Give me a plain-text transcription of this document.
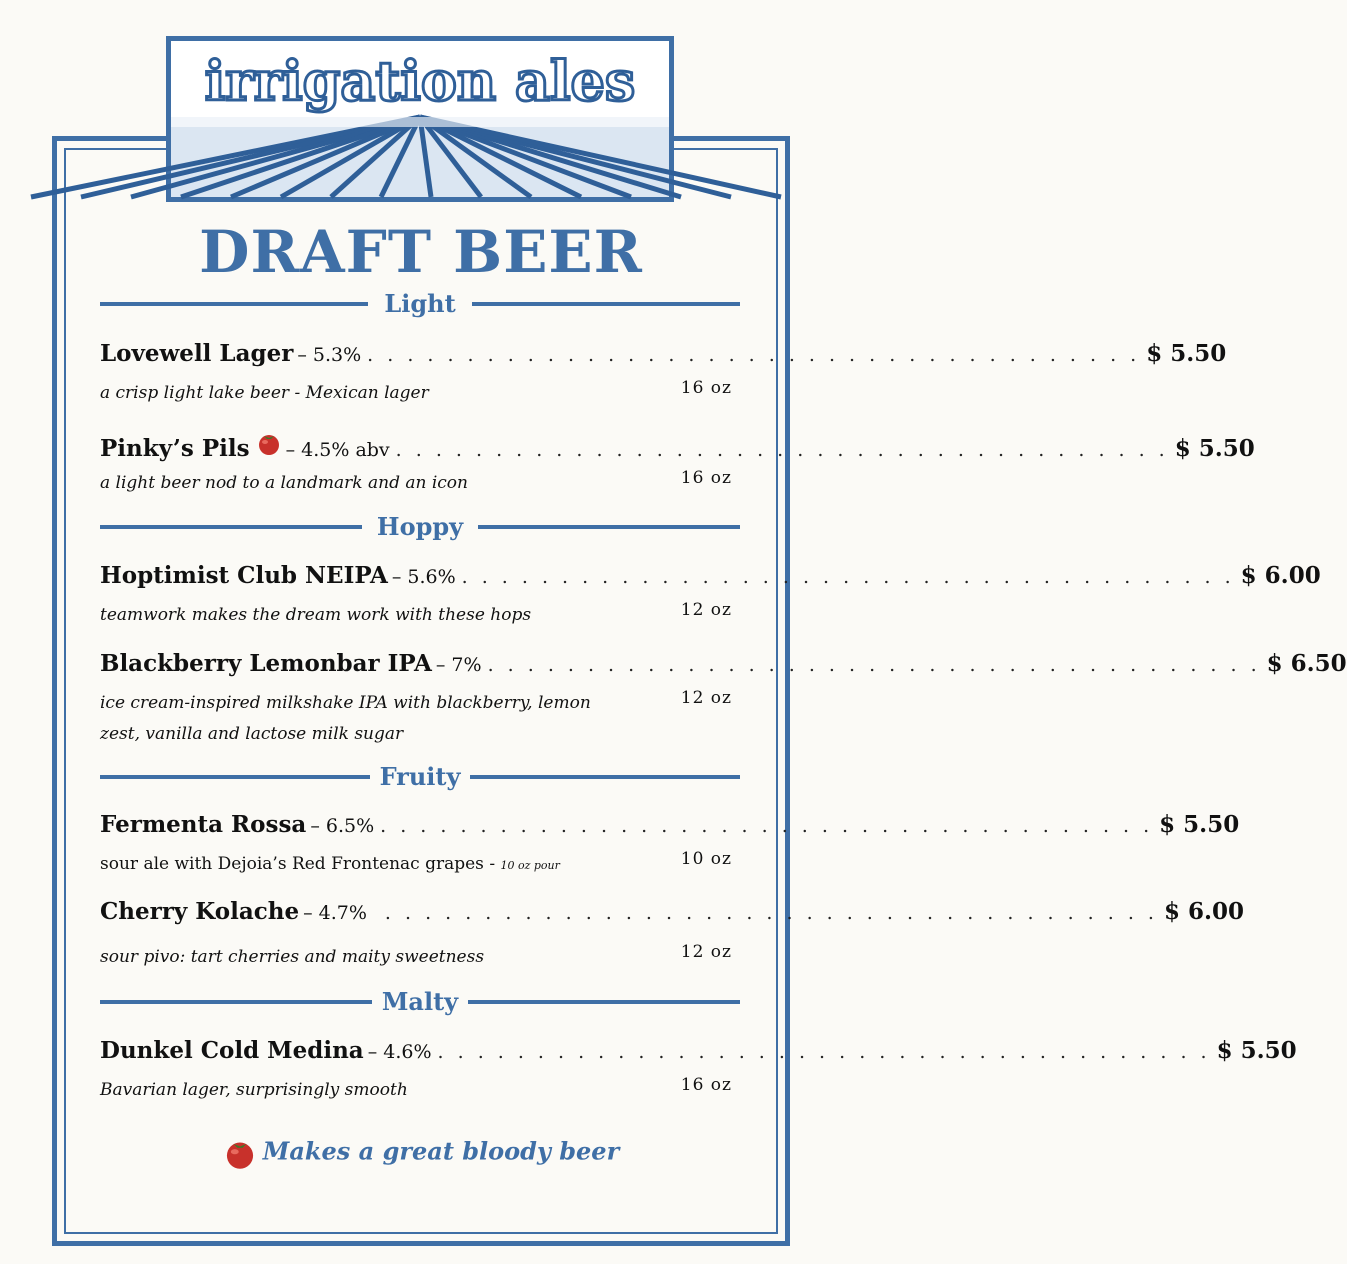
irrigation ales
DRAFT BEER
Light
Lovewell Lager – 5.3% . . . . . . . . . . . . . . . . . . . . . . . . . . . . . . . . . . . . . . . $ 5.50
a crisp light lake beer - Mexican lager	16 oz
Pinky’s Pils – 4.5% abv . . . . . . . . . . . . . . . . . . . . . . . . . . . . . . . . . . . . . . . $ 5.50
a light beer nod to a landmark and an icon	16 oz
Hoppy
Hoptimist Club NEIPA – 5.6% . . . . . . . . . . . . . . . . . . . . . . . . . . . . . . . . . . . . . . . $ 6.00
teamwork makes the dream work with these hops	12 oz
Blackberry Lemonbar IPA – 7% . . . . . . . . . . . . . . . . . . . . . . . . . . . . . . . . . . . . . . . $ 6.50
ice cream-inspired milkshake IPA with blackberry, lemon zest, vanilla and lactose milk sugar
12 oz
Fruity
Fermenta Rossa – 6.5% . . . . . . . . . . . . . . . . . . . . . . . . . . . . . . . . . . . . . . . $ 5.50
sour ale with Dejoia’s Red Frontenac grapes - 10 oz pour	10 oz
Cherry Kolache – 4.7% . . . . . . . . . . . . . . . . . . . . . . . . . . . . . . . . . . . . . . . $ 6.00
sour pivo: tart cherries and maity sweetness	12 oz
Malty
Dunkel Cold Medina – 4.6% . . . . . . . . . . . . . . . . . . . . . . . . . . . . . . . . . . . . . . . $ 5.50
Bavarian lager, surprisingly smooth	16 oz
Makes a great bloody beer
